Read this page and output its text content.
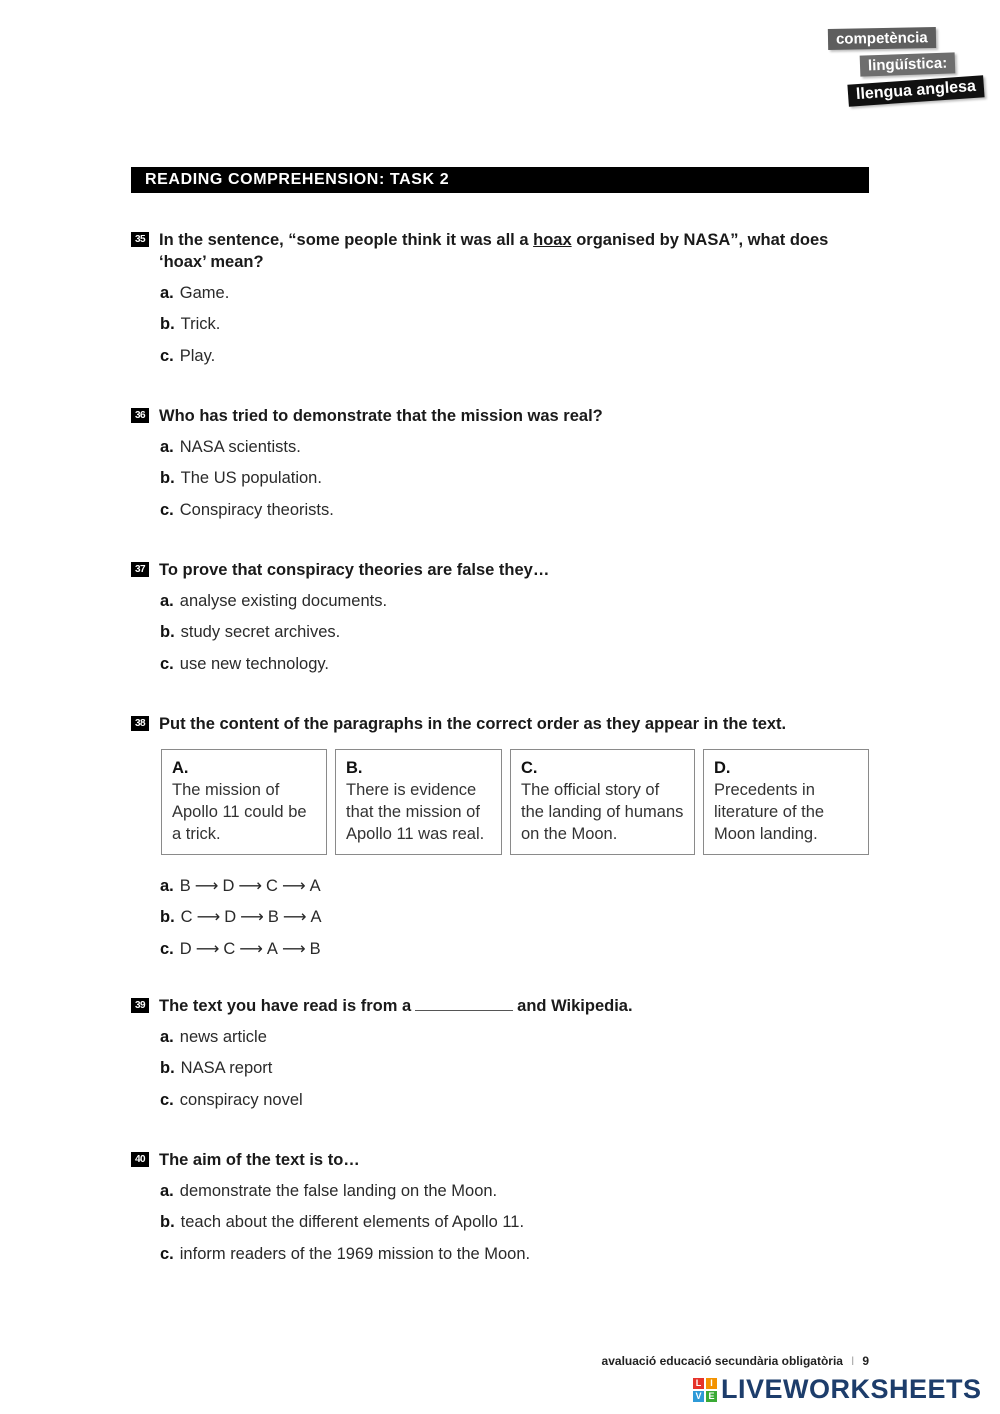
competència
lingüística:
llengua anglesa
READING COMPREHENSION: TASK 2
35 In the sentence, “some people think it was all a hoax organised by NASA”, what does ‘hoax’ mean?
a. Game.
b. Trick.
c. Play.
36 Who has tried to demonstrate that the mission was real?
a. NASA scientists.
b. The US population.
c. Conspiracy theorists.
37 To prove that conspiracy theories are false they…
a. analyse existing documents.
b. study secret archives.
c. use new technology.
38 Put the content of the paragraphs in the correct order as they appear in the text.
A.
The mission of Apollo 11 could be a trick.
B.
There is evidence that the mission of Apollo 11 was real.
C.
The official story of the landing of humans on the Moon.
D.
Precedents in literature of the Moon landing.
a. B ⟶ D ⟶ C ⟶ A
b. C ⟶ D ⟶ B ⟶ A
c. D ⟶ C ⟶ A ⟶ B
39 The text you have read is from a	and Wikipedia.
a. news article
b. NASA report
c. conspiracy novel
40 The aim of the text is to…
a. demonstrate the false landing on the Moon.
b. teach about the different elements of Apollo 11.
c. inform readers of the 1969 mission to the Moon.
avaluació educació secundària obligatòria I 9
L I
V E LIVEWORKSHEETS
